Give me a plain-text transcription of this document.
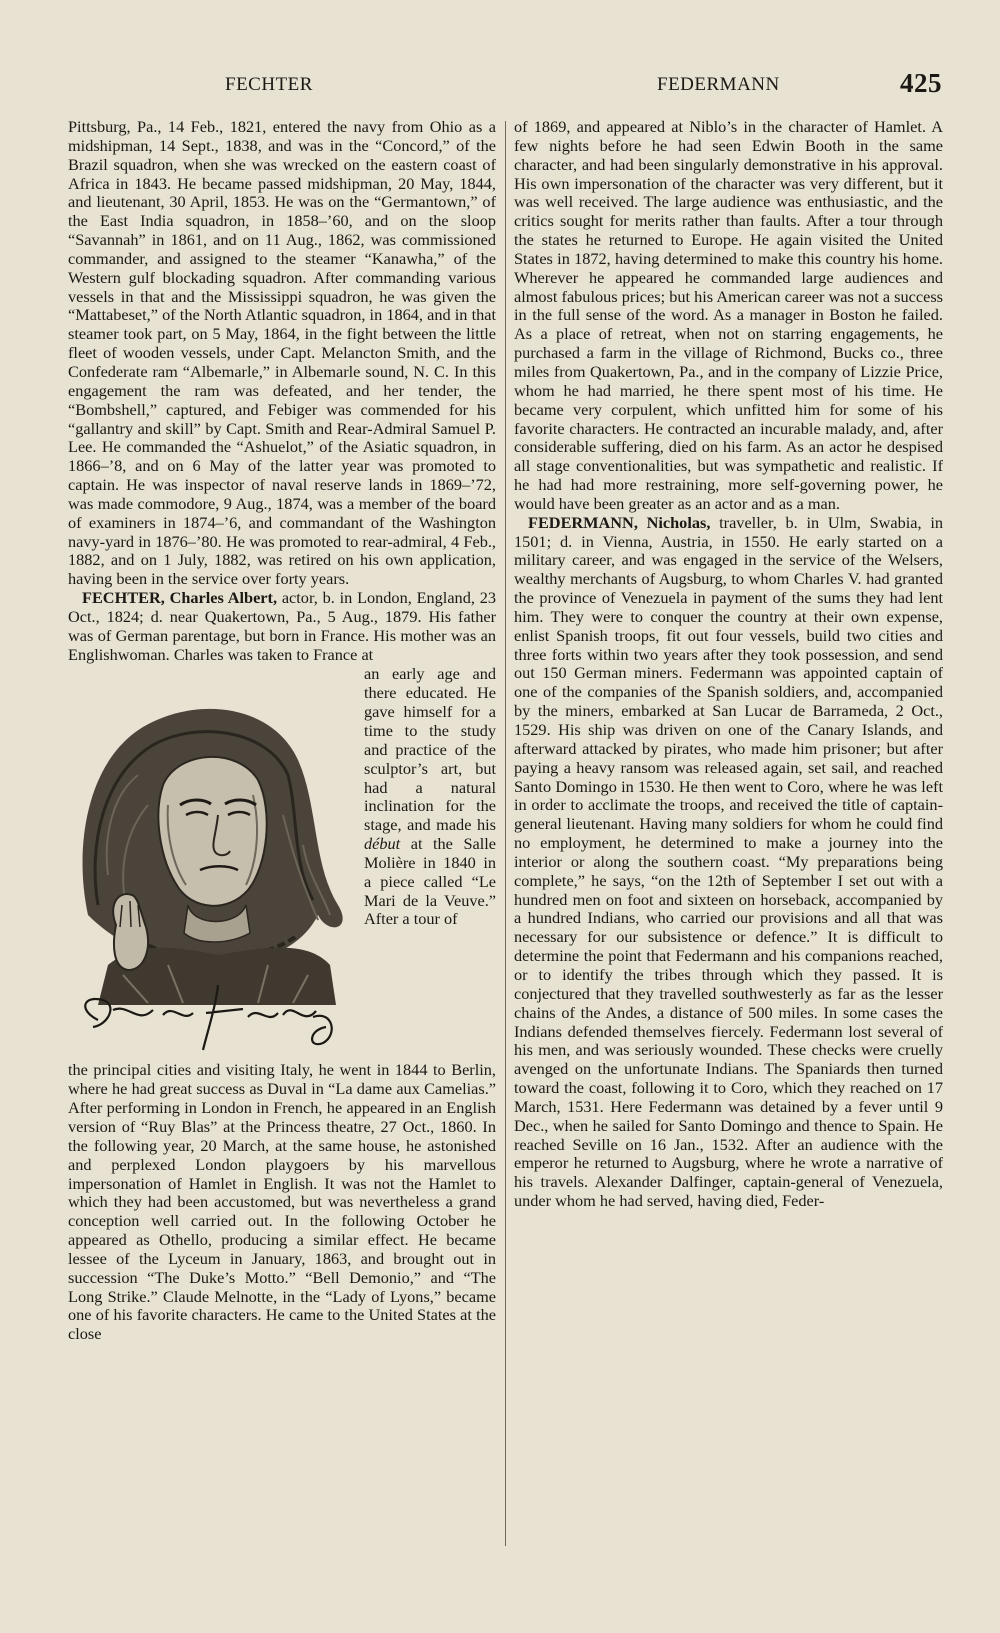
FECHTER	FEDERMANN	425

Pittsburg, Pa., 14 Feb., 1821, entered the navy from Ohio as a midshipman, 14 Sept., 1838, and was in the “Concord,” of the Brazil squadron, when she was wrecked on the eastern coast of Africa in 1843. He became passed midshipman, 20 May, 1844, and lieutenant, 30 April, 1853. He was on the “Germantown,” of the East India squadron, in 1858–’60, and on the sloop “Savannah” in 1861, and on 11 Aug., 1862, was commissioned commander, and assigned to the steamer “Kanawha,” of the Western gulf blockading squadron. After commanding various vessels in that and the Mississippi squadron, he was given the “Mattabeset,” of the North Atlantic squadron, in 1864, and in that steamer took part, on 5 May, 1864, in the fight between the little fleet of wooden vessels, under Capt. Melancton Smith, and the Confederate ram “Albemarle,” in Albemarle sound, N. C. In this engagement the ram was defeated, and her tender, the “Bombshell,” captured, and Febiger was commended for his “gallantry and skill” by Capt. Smith and Rear-Admiral Samuel P. Lee. He commanded the “Ashuelot,” of the Asiatic squadron, in 1866–’8, and on 6 May of the latter year was promoted to captain. He was inspector of naval reserve lands in 1869–’72, was made commodore, 9 Aug., 1874, was a member of the board of examiners in 1874–’6, and commandant of the Washington navy-yard in 1876–’80. He was promoted to rear-admiral, 4 Feb., 1882, and on 1 July, 1882, was retired on his own application, having been in the service over forty years.

FECHTER, Charles Albert, actor, b. in London, England, 23 Oct., 1824; d. near Quakertown, Pa., 5 Aug., 1879. His father was of German parentage, but born in France. His mother was an Englishwoman. Charles was taken to France at

Chas. Fechter
an early age and there educated. He gave himself for a time to the study and practice of the sculptor’s art, but had a natural inclination for the stage, and made his début at the Salle Molière in 1840 in a piece called “Le Mari de la Veuve.” After a tour of

the principal cities and visiting Italy, he went in 1844 to Berlin, where he had great success as Duval in “La dame aux Camelias.” After performing in London in French, he appeared in an English version of “Ruy Blas” at the Princess theatre, 27 Oct., 1860. In the following year, 20 March, at the same house, he astonished and perplexed London playgoers by his marvellous impersonation of Hamlet in English. It was not the Hamlet to which they had been accustomed, but was nevertheless a grand conception well carried out. In the following October he appeared as Othello, producing a similar effect. He became lessee of the Lyceum in January, 1863, and brought out in succession “The Duke’s Motto.” “Bell Demonio,” and “The Long Strike.” Claude Melnotte, in the “Lady of Lyons,” became one of his favorite characters. He came to the United States at the close

of 1869, and appeared at Niblo’s in the character of Hamlet. A few nights before he had seen Edwin Booth in the same character, and had been singularly demonstrative in his approval. His own impersonation of the character was very different, but it was well received. The large audience was enthusiastic, and the critics sought for merits rather than faults. After a tour through the states he returned to Europe. He again visited the United States in 1872, having determined to make this country his home. Wherever he appeared he commanded large audiences and almost fabulous prices; but his American career was not a success in the full sense of the word. As a manager in Boston he failed. As a place of retreat, when not on starring engagements, he purchased a farm in the village of Richmond, Bucks co., three miles from Quakertown, Pa., and in the company of Lizzie Price, whom he had married, he there spent most of his time. He became very corpulent, which unfitted him for some of his favorite characters. He contracted an incurable malady, and, after considerable suffering, died on his farm. As an actor he despised all stage conventionalities, but was sympathetic and realistic. If he had had more restraining, more self-governing power, he would have been greater as an actor and as a man.

FEDERMANN, Nicholas, traveller, b. in Ulm, Swabia, in 1501; d. in Vienna, Austria, in 1550. He early started on a military career, and was engaged in the service of the Welsers, wealthy merchants of Augsburg, to whom Charles V. had granted the province of Venezuela in payment of the sums they had lent him. They were to conquer the country at their own expense, enlist Spanish troops, fit out four vessels, build two cities and three forts within two years after they took possession, and send out 150 German miners. Federmann was appointed captain of one of the companies of the Spanish soldiers, and, accompanied by the miners, embarked at San Lucar de Barrameda, 2 Oct., 1529. His ship was driven on one of the Canary Islands, and afterward attacked by pirates, who made him prisoner; but after paying a heavy ransom was released again, set sail, and reached Santo Domingo in 1530. He then went to Coro, where he was left in order to acclimate the troops, and received the title of captain-general lieutenant. Having many soldiers for whom he could find no employment, he determined to make a journey into the interior or along the southern coast. “My preparations being complete,” he says, “on the 12th of September I set out with a hundred men on foot and sixteen on horseback, accompanied by a hundred Indians, who carried our provisions and all that was necessary for our subsistence or defence.” It is difficult to determine the point that Federmann and his companions reached, or to identify the tribes through which they passed. It is conjectured that they travelled southwesterly as far as the lesser chains of the Andes, a distance of 500 miles. In some cases the Indians defended themselves fiercely. Federmann lost several of his men, and was seriously wounded. These checks were cruelly avenged on the unfortunate Indians. The Spaniards then turned toward the coast, following it to Coro, which they reached on 17 March, 1531. Here Federmann was detained by a fever until 9 Dec., when he sailed for Santo Domingo and thence to Spain. He reached Seville on 16 Jan., 1532. After an audience with the emperor he returned to Augsburg, where he wrote a narrative of his travels. Alexander Dalfinger, captain-general of Venezuela, under whom he had served, having died, Feder-
